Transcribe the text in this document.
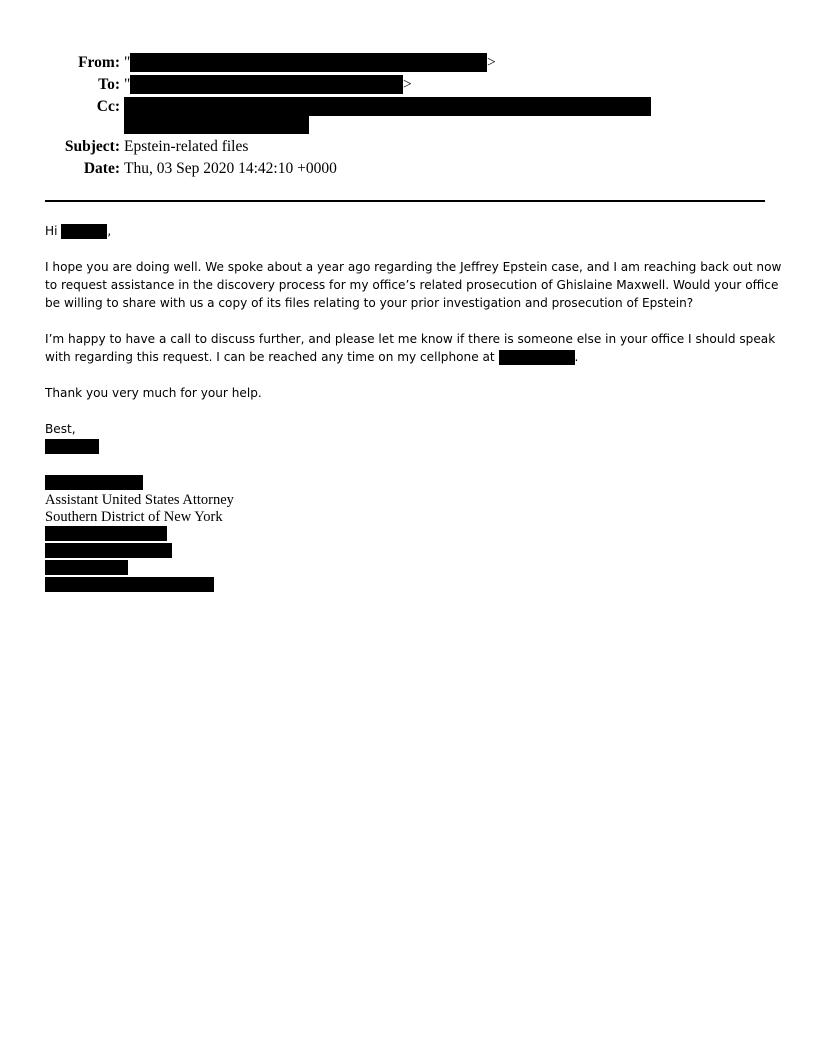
From: "	>
To: "	>
Cc:
Subject: Epstein-related files
Date: Thu, 03 Sep 2020 14:42:10 +0000
Hi	,
I hope you are doing well. We spoke about a year ago regarding the Jeffrey Epstein case, and I am reaching back out now
to request assistance in the discovery process for my office’s related prosecution of Ghislaine Maxwell. Would your office
be willing to share with us a copy of its files relating to your prior investigation and prosecution of Epstein?
I’m happy to have a call to discuss further, and please let me know if there is someone else in your office I should speak
with regarding this request. I can be reached any time on my cellphone at	.
Thank you very much for your help.
Best,
Assistant United States Attorney
Southern District of New York
